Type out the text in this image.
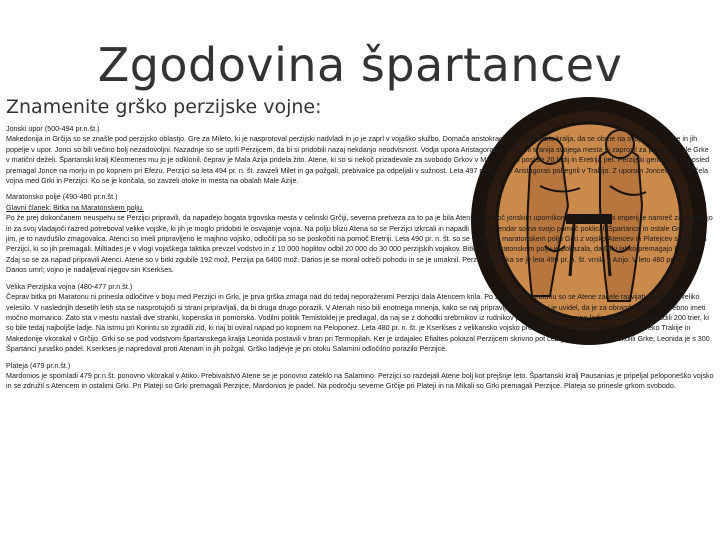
Zgodovina špartancev
Znamenite grško perzijske vojne:
Jonski upor (500-494 pr.n.št.)

Makedonija in Grčija so se znašle pod perzijsko oblastjo. Gre za Mileto, ki je nasprotoval perzijski nadvladi in jo je zaprl v vojaško službo. Domača aristokracija je spodbudila kralja, da se obrne na svoje podložnike in jih popelje v upor. Jonci so bili večino bolj nezadovoljni. Nazadnje so se uprli Perzijcem, da bi si pridobili nazaj nekdanjo neodvisnost. Vodja upora Aristagoras je odstavil tiranija svojega mesta in zaprosil za pomoč ostale Grke v matični deželi. Špartanski kralj Kleomenes mu jo je odklonil, čeprav je Mala Azija pridela žito. Atene, ki so si nekoč prizadevale za svobodo Grkov v Mali Aziji, so poslale 20 ladij in Eretrija pet. Perzijski general je naposled premagal Jonce na morju in po kopnem pri Efezu. Perzijci so leta 494 pr. n. št. zavzeli Milet in ga požgali, prebivalce pa odpeljali v sužnost. Leta 497 pr. n. št. je Aristagoras pobegnil v Trakijo. Z uporom Joncev se je začela vojna med Grki in Perzijci. Ko se je končala, so zavzeli otoke in mesta na obalah Male Azije.

Maratonsko polje (490-480 pr.n.št.)
Glavni članek: Bitka na Maratonskem polju.

Po že prej dokončanem neuspehu se Perzijci pripravili, da napadejo bogata trgovska mesta v celinski Grčiji, severna pretveza za to pa je bila Atenska pomoč jonskim upornikom. Veliki perzijski imperij je namreč za migracijo in za svoj vladajoči razred potreboval velike vojske, ki jih je moglo pridobiti le osvajanje vojna. Na polju blizu Atena so se Perzijci izkrcali in napadli mesto, vendar so na svojo pomoč poklicali Špartance in ostale Grke, ki so jim, je to navdušilo zmagovalca. Atenci so imeli pripravljeno le majhno vojsko, odločili pa so se poskočiti na pomoč Eretriji. Leta 490 pr. n. št. so se v bitki na maratonskem polju Grki z vojsko Atencev in Platejcev spopadli s Perzijci, ki so jih premagali. Miltiades je v vlogi vojaškega taktika prevzel vodstvo in z 10 000 hoplitov odbil 20 000 do 30 000 perzijskih vojakov. Bitka na Maratonskem polju je pokazala, da Grki lahko premagajo Perzijce. Zdaj so se za napad pripravili Atenci. Atene so v bitki zgubile 192 mož, Perzija pa 6400 mož. Darios je se moral odreči pohodu in se je umaknil. Perzijska vojska se je leta 490 pr. n. št. vrnila v Azijo. V letu 480 pr. n. št. je Darios umrl; vojno je nadaljeval njegov sin Kserkses.

Velika Perzijska vojna (480-477 pr.n.št.)

Čeprav bitka pri Maratonu ni prinesla odločitve v boju med Perzijci in Grki, je prva grška zmaga nad do tedaj neporaženimi Perzijci dala Atencem krila. Po zmagi pri Maratonu so se Atene začele razvijati v politično veliko velesilo. V naslednjih desetih letih sta se nasprotujoči si strani pripravljali, da bi druga drugo porazili. V Atenah niso bili enotnega mnenja, kako se naj pripravijo. Temistoklej je uvidel, da je za obrambo Grčije potrebno imeti močno mornarico. Zato sta v mestu nastali dve stranki, kopenska in pomorska. Vodilni politik Temistoklej je predlagal, da naj se z dohodki srebrnikov iz rudnikov pri Lavriju zgradi vojna ladjevje. Atenci so zgradili 200 trier, ki so bile tedaj najboljše ladje. Na istmu pri Korintu so zgradili zid, ki naj bi oviral napad po kopnem na Peloponez. Leta 480 pr. n. št. je Kserkses z velikansko vojsko prekoračil morsko ožino Helespont in preko Trakije in Makedonije vkorakal v Grčijo. Grki so se pod vodstvom špartanskega kralja Leonida postavili v bran pri Termopilah. Ker je izdajalec Efialtes pokazal Perzijcem skrivno pot čez gore, so Perzijci obkolili Grke; Leonida je s 300 Špartanci junaško padel. Kserkses je napredoval proti Atenam in jih požgal. Grško ladjevje je pri otoku Salamini odločilno porazilo Perzijce.

Plateja (479 pr.n.št.)

Mardonios je spomladi 479 pr.n.št. ponovno vkorakal v Atiko. Prebivalstvo Atene se je ponovno zateklo na Salamino. Perzijci so razdejali Atene bolj kot prejšnje leto. Špartanski kralj Pausanias je pripeljal peloponeško vojsko in se združil s Atencem in ostalimi Grki. Pri Plateji so Grki premagali Perzijce, Mardonios je padel. Na področju severne Grčije pri Plateji in na Mikali so Grki premagali Perzijce. Plateja so prinesle grkom svobodo.
